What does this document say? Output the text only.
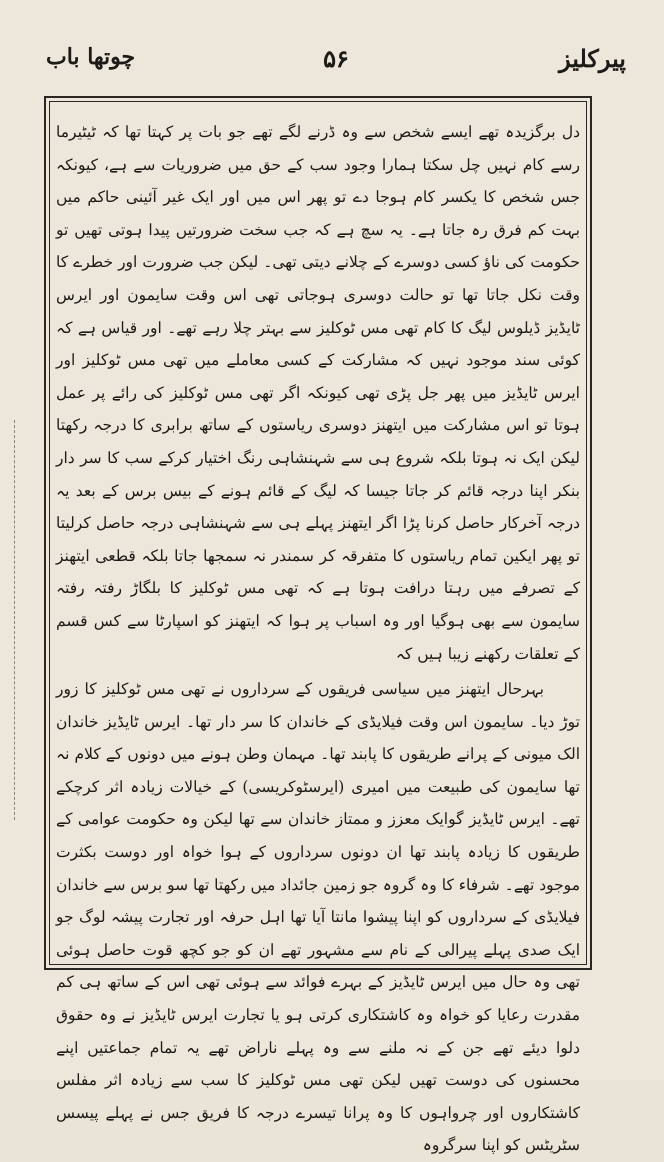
پیرکلیز
۵۶
چوتھا باب

دل برگزیدہ تھے ایسے شخص سے وہ ڈرنے لگے تھے جو بات پر کہتا تھا کہ ٹیٹیرما رسے کام نہیں چل سکتا ہمارا وجود سب کے حق میں ضروریات سے ہے، کیونکہ جس شخص کا یکسر کام ہوجا دے تو پھر اس میں اور ایک غیر آئینی حاکم میں بہت کم فرق رہ جاتا ہے۔ یہ سچ ہے کہ جب سخت ضرورتیں پیدا ہوتی تھیں تو حکومت کی ناؤ کسی دوسرے کے چلانے دیتی تھی۔ لیکن جب ضرورت اور خطرے کا وقت نکل جاتا تھا تو حالت دوسری ہوجاتی تھی اس وقت سایمون اور ایرس ٹایڈیز ڈیلوس لیگ کا کام تھی مس ٹوکلیز سے بہتر چلا رہے تھے۔ اور قیاس ہے کہ کوئی سند موجود نہیں کہ مشارکت کے کسی معاملے میں تھی مس ٹوکلیز اور ایرس ٹایڈیز میں پھر جل پڑی تھی کیونکہ اگر تھی مس ٹوکلیز کی رائے پر عمل ہوتا تو اس مشارکت میں ایتھنز دوسری ریاستوں کے ساتھ برابری کا درجہ رکھتا لیکن ایک نہ ہوتا بلکہ شروع ہی سے شہنشاہی رنگ اختیار کرکے سب کا سر دار بنکر اپنا درجہ قائم کر جاتا جیسا کہ لیگ کے قائم ہونے کے بیس برس کے بعد یہ درجہ آخرکار حاصل کرنا پڑا اگر ایتھنز پہلے ہی سے شہنشاہی درجہ حاصل کرلیتا تو پھر ایکین تمام ریاستوں کا متفرقہ کر سمندر نہ سمجھا جاتا بلکہ قطعی ایتھنز کے تصرفے میں رہتا درافت ہوتا ہے کہ تھی مس ٹوکلیز کا بلگاڑ رفتہ رفتہ سایمون سے بھی ہوگیا اور وہ اسباب پر ہوا کہ ایتھنز کو اسپارٹا سے کس قسم کے تعلقات رکھنے زیبا ہیں کہ

بہرحال ایتھنز میں سیاسی فریقوں کے سرداروں نے تھی مس ٹوکلیز کا زور توڑ دیا۔ سایمون اس وقت فیلایڈی کے خاندان کا سر دار تھا۔ ایرس ٹایڈیز خاندان الک میونی کے پرانے طریقوں کا پابند تھا۔ مہمان وطن ہونے میں دونوں کے کلام نہ تھا سایمون کی طبیعت میں امیری (ایرسٹوکریسی) کے خیالات زیادہ اثر کرچکے تھے۔ ایرس ٹایڈیز گوایک معزز و ممتاز خاندان سے تھا لیکن وہ حکومت عوامی کے طریقوں کا زیادہ پابند تھا ان دونوں سرداروں کے ہوا خواہ اور دوست بکثرت موجود تھے۔ شرفاء کا وہ گروہ جو زمین جائداد میں رکھتا تھا سو برس سے خاندان فیلایڈی کے سرداروں کو اپنا پیشوا مانتا آیا تھا اہل حرفہ اور تجارت پیشہ لوگ جو ایک صدی پہلے پیرالی کے نام سے مشہور تھے ان کو جو کچھ قوت حاصل ہوئی تھی وہ حال میں ایرس ٹایڈیز کے بہرے فوائد سے ہوئی تھی اس کے ساتھ ہی کم مقدرت رعایا کو خواہ وہ کاشتکاری کرتی ہو یا تجارت ایرس ٹایڈیز نے وہ حقوق دلوا دیئے تھے جن کے نہ ملنے سے وہ پہلے ناراض تھے یہ تمام جماعتیں اپنے محسنوں کی دوست تھیں لیکن تھی مس ٹوکلیز کا سب سے زیادہ اثر مفلس کاشتکاروں اور چرواہوں کا وہ پرانا تیسرے درجہ کا فریق جس نے پہلے پیسس سٹریٹس کو اپنا سرگروہ
